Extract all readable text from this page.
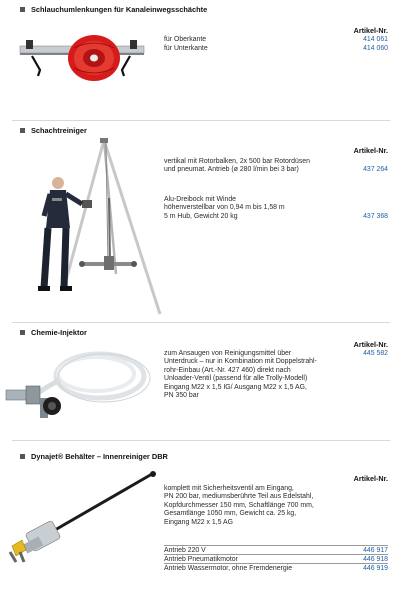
Schlauchumlenkungen für Kanaleinwegsschächte
Artikel-Nr.
für Oberkante	414 061
für Unterkante	414 060
Schachtreiniger
Artikel-Nr.
vertikal mit Rotorbalken, 2x 500 bar Rotordüsen
und pneumat. Antrieb (ø 280 l/min bei 3 bar)	437 264
Alu-Dreibock mit Winde
höhenverstellbar von 0,94 m bis 1,58 m
5 m Hub, Gewicht 20 kg	437 368
Chemie-Injektor
Artikel-Nr.
zum Ansaugen von Reinigungsmittel über
Unterdruck – nur in Kombination mit Doppelstrahl-
rohr-Einbau (Art.-Nr. 427 460) direkt nach
Unloader-Ventil (passend für alle Trolly-Modell)
Eingang M22 x 1,5 IG/ Ausgang M22 x 1,5 AG,
PN 350 bar
445 582
Dynajet® Behälter – Innenreiniger DBR
Artikel-Nr.
komplett mit Sicherheitsventil am Eingang,
PN 200 bar, mediumsberührte Teil aus Edelstahl,
Kopfdurchmesser 150 mm, Schaftlänge 700 mm,
Gesamtlänge 1050 mm, Gewicht ca. 25 kg,
Eingang M22 x 1,5 AG
Antrieb 220 V	446 917
Antrieb Pneumatikmotor	446 918
Antrieb Wassermotor, ohne Fremdenergie	446 919
